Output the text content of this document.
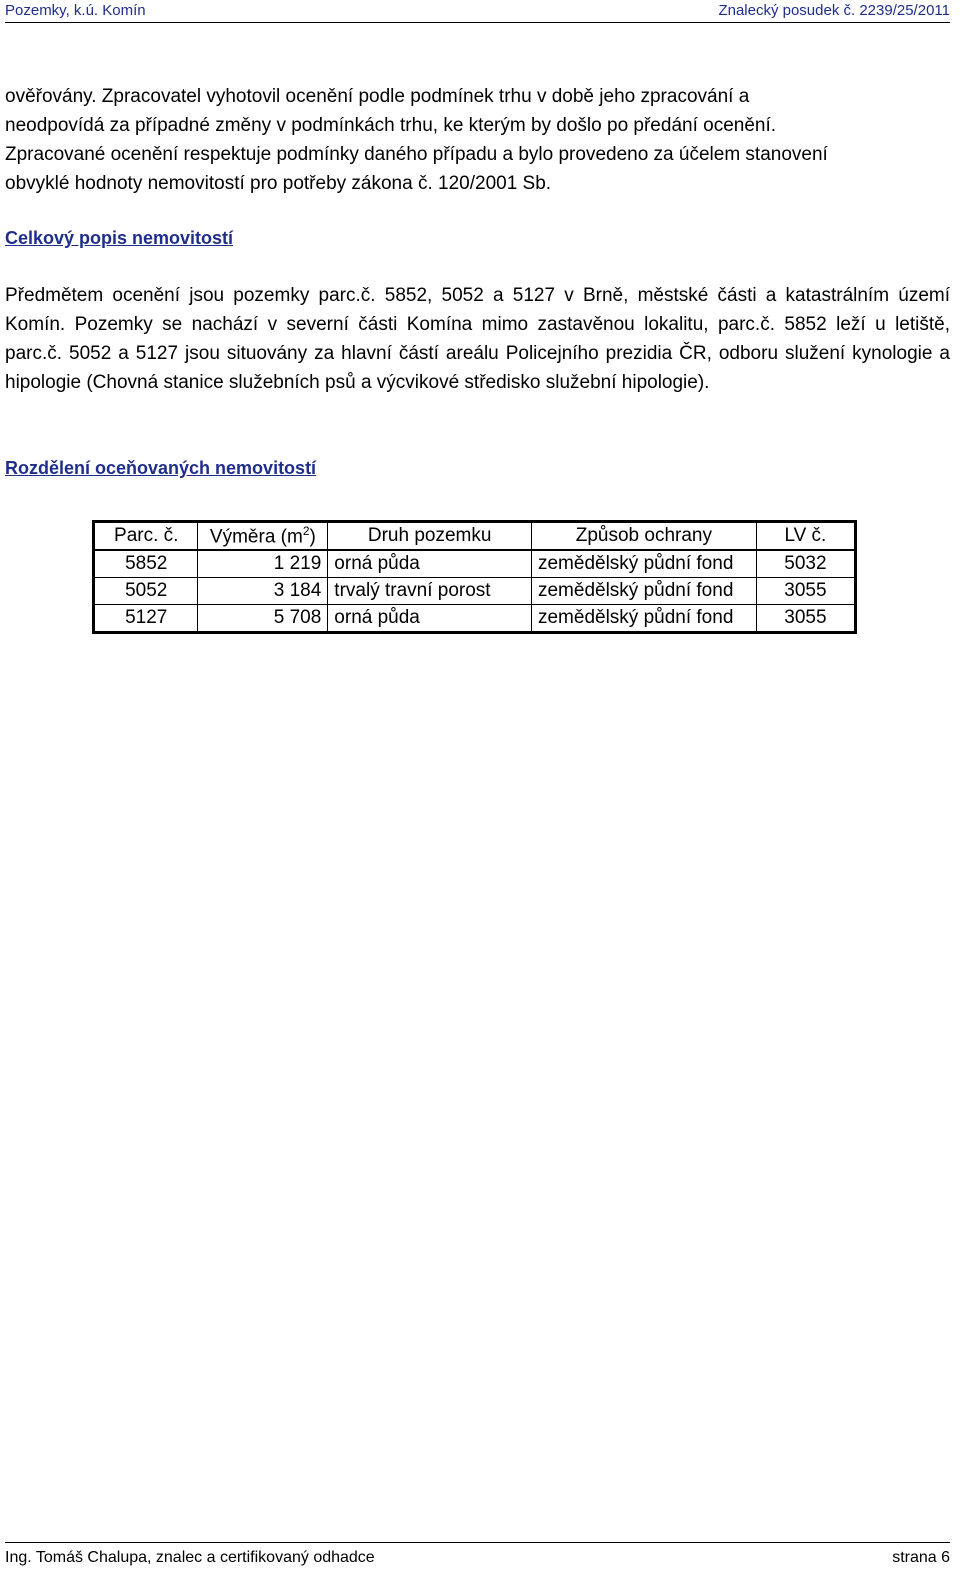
Pozemky, k.ú. Komín	Znalecký posudek č. 2239/25/2011

ověřovány. Zpracovatel vyhotovil ocenění podle podmínek trhu v době jeho zpracování a
neodpovídá za případné změny v podmínkách trhu, ke kterým by došlo po předání ocenění.
Zpracované ocenění respektuje podmínky daného případu a bylo provedeno za účelem stanovení
obvyklé hodnoty nemovitostí pro potřeby zákona č. 120/2001 Sb.

Celkový popis nemovitostí

Předmětem ocenění jsou pozemky parc.č. 5852, 5052 a 5127 v Brně, městské části a katastrálním území Komín. Pozemky se nachází v severní části Komína mimo zastavěnou lokalitu, parc.č. 5852 leží u letiště, parc.č. 5052 a 5127 jsou situovány za hlavní částí areálu Policejního prezidia ČR, odboru služení kynologie a hipologie (Chovná stanice služebních psů a výcvikové středisko služební hipologie).

Rozdělení oceňovaných nemovitostí
Parc. č.	Výměra $(m^2)$	Druh pozemku	Způsob ochrany	LV č.
5852	1 219	orná půda	zemědělský půdní fond	5032
5052	3 184	trvalý travní porost	zemědělský půdní fond	3055
5127	5 708	orná půda	zemědělský půdní fond	3055
Ing. Tomáš Chalupa, znalec a certifikovaný odhadce	strana 6
